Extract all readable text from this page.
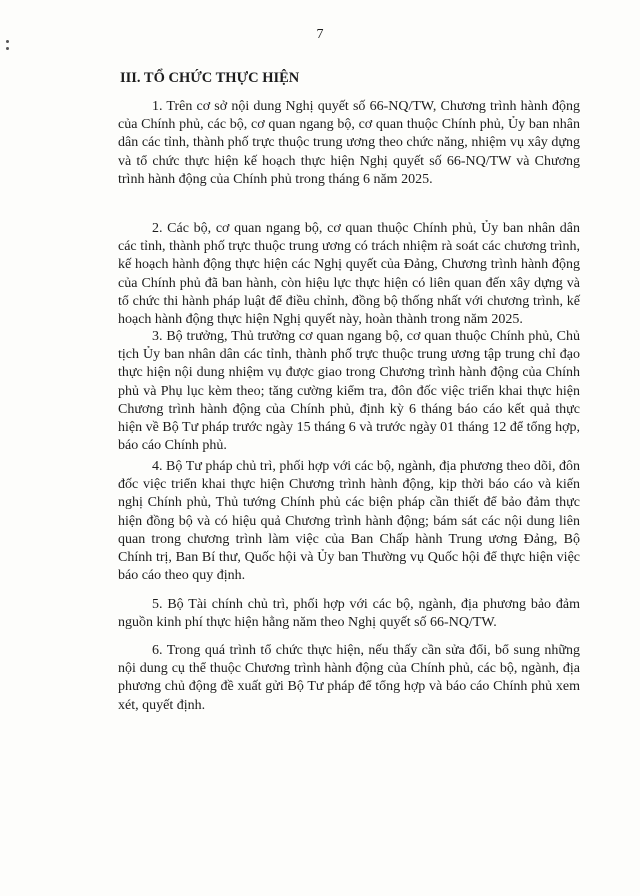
7
III. TỔ CHỨC THỰC HIỆN

1. Trên cơ sở nội dung Nghị quyết số 66-NQ/TW, Chương trình hành động của Chính phủ, các bộ, cơ quan ngang bộ, cơ quan thuộc Chính phủ, Ủy ban nhân dân các tỉnh, thành phố trực thuộc trung ương theo chức năng, nhiệm vụ xây dựng và tổ chức thực hiện kế hoạch thực hiện Nghị quyết số 66-NQ/TW và Chương trình hành động của Chính phủ trong tháng 6 năm 2025.

2. Các bộ, cơ quan ngang bộ, cơ quan thuộc Chính phủ, Ủy ban nhân dân các tỉnh, thành phố trực thuộc trung ương có trách nhiệm rà soát các chương trình, kế hoạch hành động thực hiện các Nghị quyết của Đảng, Chương trình hành động của Chính phủ đã ban hành, còn hiệu lực thực hiện có liên quan đến xây dựng và tổ chức thi hành pháp luật để điều chỉnh, đồng bộ thống nhất với chương trình, kế hoạch hành động thực hiện Nghị quyết này, hoàn thành trong năm 2025.

3. Bộ trưởng, Thủ trưởng cơ quan ngang bộ, cơ quan thuộc Chính phủ, Chủ tịch Ủy ban nhân dân các tỉnh, thành phố trực thuộc trung ương tập trung chỉ đạo thực hiện nội dung nhiệm vụ được giao trong Chương trình hành động của Chính phủ và Phụ lục kèm theo; tăng cường kiểm tra, đôn đốc việc triển khai thực hiện Chương trình hành động của Chính phủ, định kỳ 6 tháng báo cáo kết quả thực hiện về Bộ Tư pháp trước ngày 15 tháng 6 và trước ngày 01 tháng 12 để tổng hợp, báo cáo Chính phủ.

4. Bộ Tư pháp chủ trì, phối hợp với các bộ, ngành, địa phương theo dõi, đôn đốc việc triển khai thực hiện Chương trình hành động, kịp thời báo cáo và kiến nghị Chính phủ, Thủ tướng Chính phủ các biện pháp cần thiết để bảo đảm thực hiện đồng bộ và có hiệu quả Chương trình hành động; bám sát các nội dung liên quan trong chương trình làm việc của Ban Chấp hành Trung ương Đảng, Bộ Chính trị, Ban Bí thư, Quốc hội và Ủy ban Thường vụ Quốc hội để thực hiện việc báo cáo theo quy định.

5. Bộ Tài chính chủ trì, phối hợp với các bộ, ngành, địa phương bảo đảm nguồn kinh phí thực hiện hằng năm theo Nghị quyết số 66-NQ/TW.

6. Trong quá trình tổ chức thực hiện, nếu thấy cần sửa đổi, bổ sung những nội dung cụ thể thuộc Chương trình hành động của Chính phủ, các bộ, ngành, địa phương chủ động đề xuất gửi Bộ Tư pháp để tổng hợp và báo cáo Chính phủ xem xét, quyết định.
